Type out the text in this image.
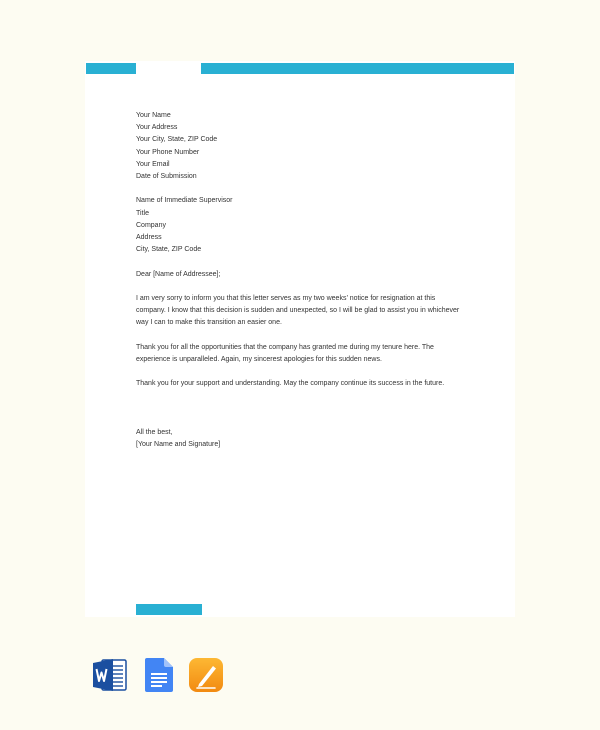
Your Name
Your Address
Your City, State, ZIP Code
Your Phone Number
Your Email
Date of Submission
Name of Immediate Supervisor
Title
Company
Address
City, State, ZIP Code
Dear [Name of Addressee];
I am very sorry to inform you that this letter serves as my two weeks’ notice for resignation at this
company. I know that this decision is sudden and unexpected, so I will be glad to assist you in whichever
way I can to make this transition an easier one.
Thank you for all the opportunities that the company has granted me during my tenure here. The
experience is unparalleled. Again, my sincerest apologies for this sudden news.
Thank you for your support and understanding. May the company continue its success in the future.
All the best,
[Your Name and Signature]
